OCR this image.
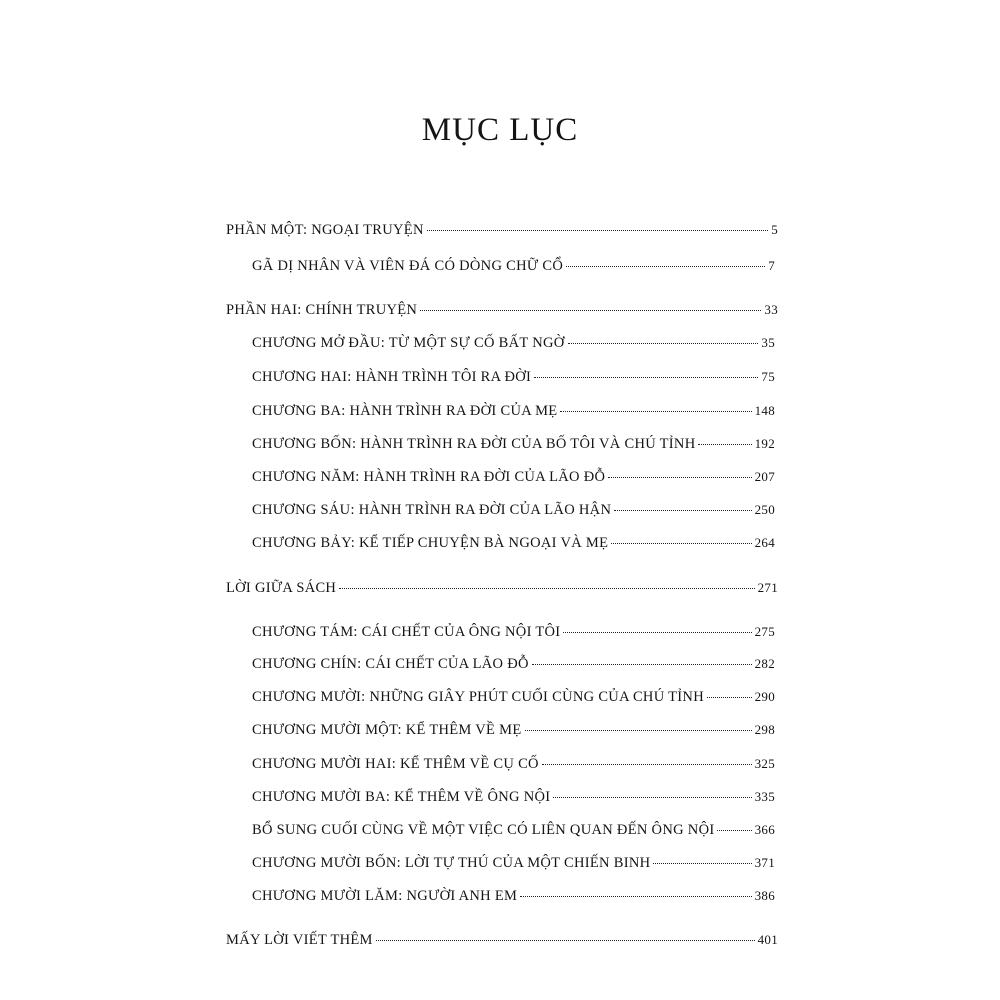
MỤC LỤC
PHẦN MỘT: NGOẠI TRUYỆN	5
GÃ DỊ NHÂN VÀ VIÊN ĐÁ CÓ DÒNG CHỮ CỔ	7
PHẦN HAI: CHÍNH TRUYỆN	33
CHƯƠNG MỞ ĐẦU: TỪ MỘT SỰ CỐ BẤT NGỜ	35
CHƯƠNG HAI: HÀNH TRÌNH TÔI RA ĐỜI	75
CHƯƠNG BA: HÀNH TRÌNH RA ĐỜI CỦA MẸ	148
CHƯƠNG BỐN: HÀNH TRÌNH RA ĐỜI CỦA BỐ TÔI VÀ CHÚ TỈNH	192
CHƯƠNG NĂM: HÀNH TRÌNH RA ĐỜI CỦA LÃO ĐỖ	207
CHƯƠNG SÁU: HÀNH TRÌNH RA ĐỜI CỦA LÃO HẬN	250
CHƯƠNG BẢY: KỂ TIẾP CHUYỆN BÀ NGOẠI VÀ MẸ	264
LỜI GIỮA SÁCH	271
CHƯƠNG TÁM: CÁI CHẾT CỦA ÔNG NỘI TÔI	275
CHƯƠNG CHÍN: CÁI CHẾT CỦA LÃO ĐỖ	282
CHƯƠNG MƯỜI: NHỮNG GIÂY PHÚT CUỐI CÙNG CỦA CHÚ TỈNH	290
CHƯƠNG MƯỜI MỘT: KỂ THÊM VỀ MẸ	298
CHƯƠNG MƯỜI HAI: KỂ THÊM VỀ CỤ CỐ	325
CHƯƠNG MƯỜI BA: KỂ THÊM VỀ ÔNG NỘI	335
BỔ SUNG CUỐI CÙNG VỀ MỘT VIỆC CÓ LIÊN QUAN ĐẾN ÔNG NỘI	366
CHƯƠNG MƯỜI BỐN: LỜI TỰ THÚ CỦA MỘT CHIẾN BINH	371
CHƯƠNG MƯỜI LĂM: NGƯỜI ANH EM	386
MẤY LỜI VIẾT THÊM	401
